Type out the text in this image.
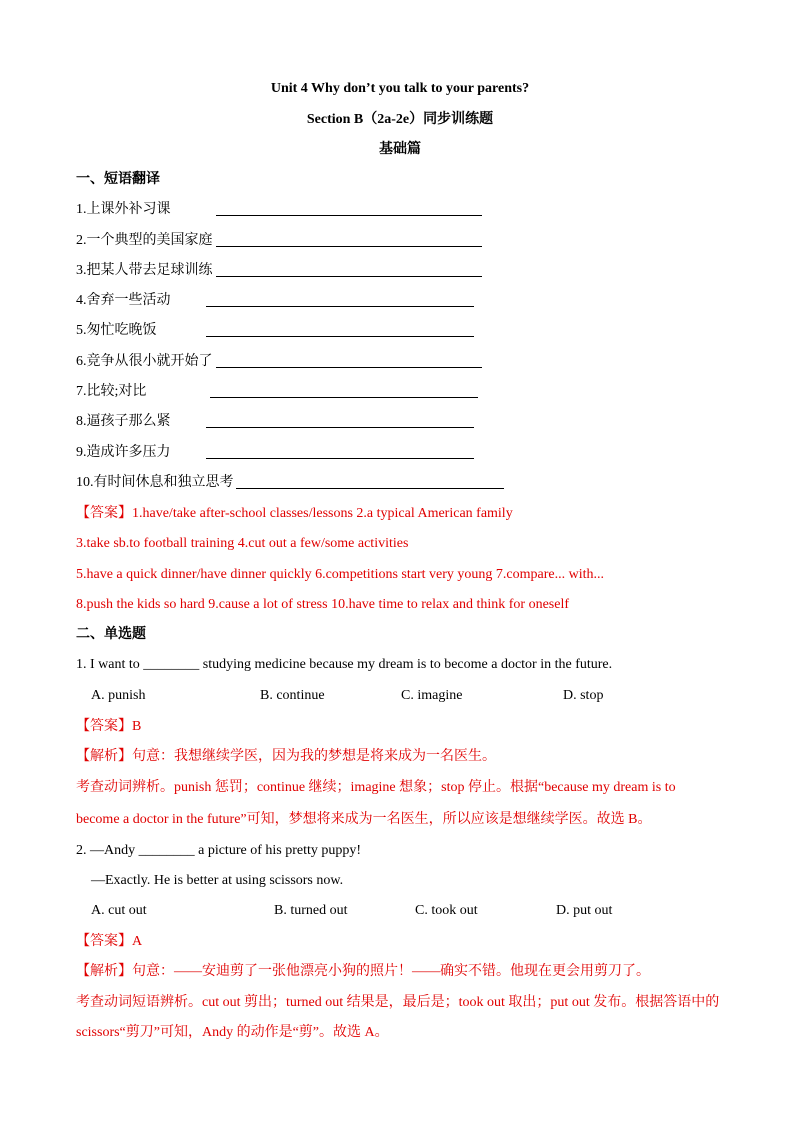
Unit 4 Why don’t you talk to your parents?
Section B（2a-2e）同步训练题
基础篇
一、短语翻译
1.上课外补习课
2.一个典型的美国家庭
3.把某人带去足球训练
4.舍弃一些活动
5.匆忙吃晚饭
6.竞争从很小就开始了
7.比较;对比
8.逼孩子那么紧
9.造成许多压力
10.有时间休息和独立思考
【答案】1.have/take after-school classes/lessons 2.a typical American family
3.take sb.to football training 4.cut out a few/some activities
5.have a quick dinner/have dinner quickly 6.competitions start very young 7.compare... with...
8.push the kids so hard 9.cause a lot of stress 10.have time to relax and think for oneself
二、单选题
1. I want to ________ studying medicine because my dream is to become a doctor in the future.
A. punish	B. continue	C. imagine	D. stop
【答案】B
【解析】句意：我想继续学医，因为我的梦想是将来成为一名医生。
考查动词辨析。punish 惩罚；continue 继续；imagine 想象；stop 停止。根据“because my dream is to
become a doctor in the future”可知，梦想将来成为一名医生，所以应该是想继续学医。故选 B。
2. —Andy ________ a picture of his pretty puppy!
—Exactly. He is better at using scissors now.
A. cut out	B. turned out	C. took out	D. put out
【答案】A
【解析】句意：——安迪剪了一张他漂亮小狗的照片！——确实不错。他现在更会用剪刀了。
考查动词短语辨析。cut out 剪出；turned out 结果是，最后是；took out 取出；put out 发布。根据答语中的
scissors“剪刀”可知，Andy 的动作是“剪”。故选 A。
